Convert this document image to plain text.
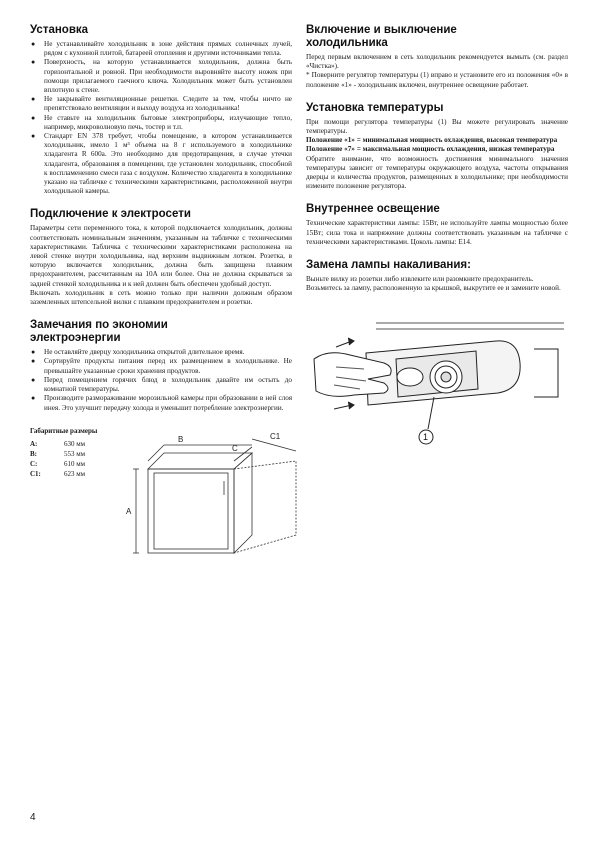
Установка
● Не устанавливайте холодильник в зоне действия прямых солнечных лучей, рядом с кухонной плитой, батареей отопления и другими источниками тепла.
● Поверхность, на которую устанавливается холодильник, должна быть горизонтальной и ровной. При необходимости выровняйте высоту ножек при помощи прилагаемого гаечного ключа. Холодильник может быть установлен вплотную к стене.
● Не закрывайте вентиляционные решетки. Следите за тем, чтобы ничто не препятствовало вентиляции и выходу воздуха из холодильника!
● Не ставьте на холодильник бытовые электроприборы, излучающие тепло, например, микроволновую печь, тостер и т.п.
● Стандарт EN 378 требует, чтобы помещение, в котором устанавливается холодильник, имело 1 м³ объема на 8 г используемого в холодильнике хладагента R 600a. Это необходимо для предотвращения, в случае утечки хладагента, образования в помещении, где установлен холодильник, способной к воспламенению смеси газа с воздухом. Количество хладагента в холодильнике указано на табличке с техническими характеристиками, расположенной внутри холодильной камеры.
Подключение к электросети

Параметры сети переменного тока, к которой подключается холодильник, должны соответствовать номинальным значениям, указанным на табличке с техническими характеристиками. Табличка с техническими характеристиками расположена на левой стенке внутри холодильника, над верхним выдвижным лотком. Розетка, в которую включается холодильник, должна быть защищена плавким предохранителем, рассчитанным на 10А или более. Она не должна скрываться за задней стенкой холодильника и к ней должен быть обеспечен удобный доступ.

Включать холодильник в сеть можно только при наличии должным образом заземленных штепсельной вилки с плавким предохранителем и розетки.

Замечания по экономии
электроэнергии
● Не оставляйте дверцу холодильника открытой длительное время.
● Сортируйте продукты питания перед их размещением в холодильнике. Не превышайте указанные сроки хранения продуктов.
● Перед помещением горячих блюд в холодильник давайте им остыть до комнатной температуры.
● Производите размораживание морозильной камеры при образовании в ней слоя инея. Это улучшит передачу холода и уменьшит потребление электроэнергии.
Габаритные размеры
A:	630 мм
B:	553 мм
C:	610 мм
C1:	623 мм
A
B
C
C1
Включение и выключение
холодильника

Перед первым включением в сеть холодильник рекомендуется вымыть (см. раздел «Чистка»).

* Поверните регулятор температуры (1) вправо и установите его из положения «0» в положение «1» - холодильник включен, внутреннее освещение работает.

Установка температуры

При помощи регулятора температуры (1) Вы можете регулировать значение температуры.

Положение «1» = минимальная мощность охлаждения, высокая температура

Положение «7» = максимальная мощность охлаждения, низкая температура

Обратите внимание, что возможность достижения минимального значения температуры зависит от температуры окружающего воздуха, частоты открывания дверцы и количества продуктов, размещенных в холодильнике; при необходимости измените положение регулятора.

Внутреннее освещение

Технические характеристики лампы: 15Вт, не используйте лампы мощностью более 15Вт; сила тока и напряжение должны соответствовать указанным на табличке с техническими характеристиками. Цоколь лампы: E14.

Замена лампы накаливания:

Выньте вилку из розетки либо извлеките или разомкните предохранитель.

Возьмитесь за лампу, расположенную за крышкой, выкрутите ее и замените новой.

1
4
